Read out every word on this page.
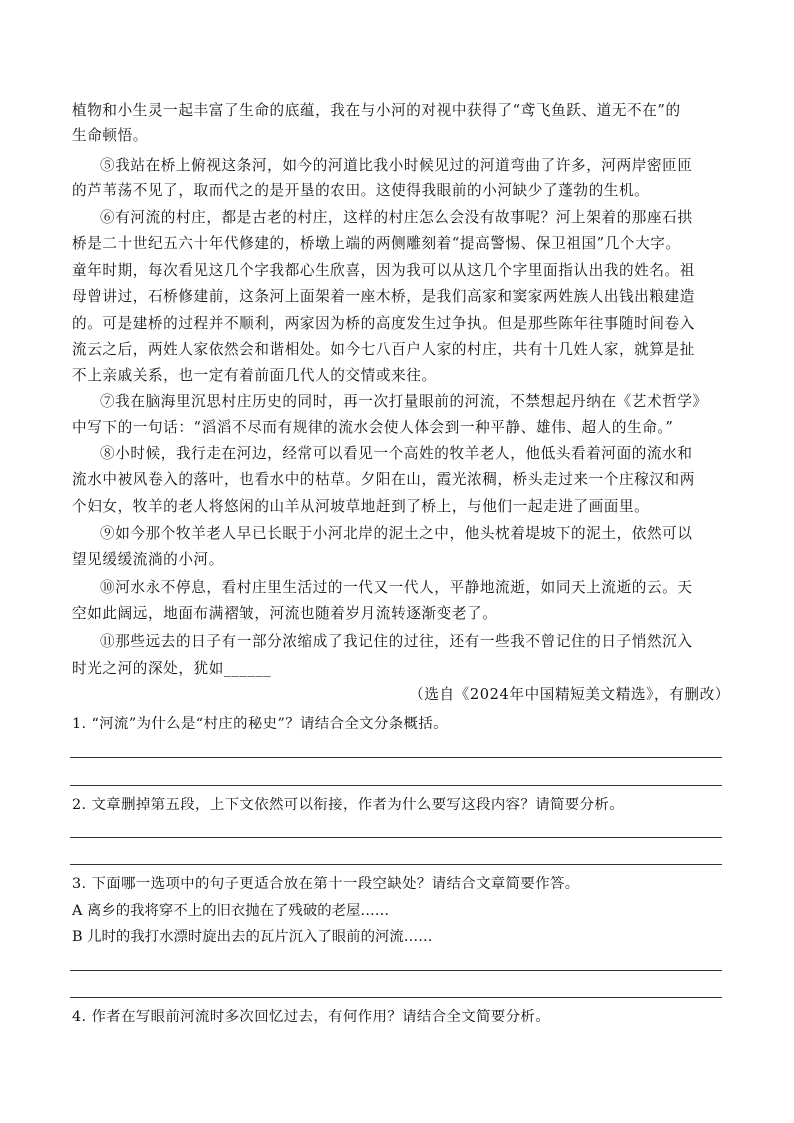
植物和小生灵一起丰富了生命的底蕴，我在与小河的对视中获得了“鸢飞鱼跃、道无不在”的
生命顿悟。
⑤我站在桥上俯视这条河，如今的河道比我小时候见过的河道弯曲了许多，河两岸密匝匝
的芦苇荡不见了，取而代之的是开垦的农田。这使得我眼前的小河缺少了蓬勃的生机。
⑥有河流的村庄，都是古老的村庄，这样的村庄怎么会没有故事呢？河上架着的那座石拱
桥是二十世纪五六十年代修建的，桥墩上端的两侧雕刻着“提高警惕、保卫祖国”几个大字。
童年时期，每次看见这几个字我都心生欣喜，因为我可以从这几个字里面指认出我的姓名。祖
母曾讲过，石桥修建前，这条河上面架着一座木桥，是我们高家和窦家两姓族人出钱出粮建造
的。可是建桥的过程并不顺利，两家因为桥的高度发生过争执。但是那些陈年往事随时间卷入
流云之后，两姓人家依然会和谐相处。如今七八百户人家的村庄，共有十几姓人家，就算是扯
不上亲戚关系，也一定有着前面几代人的交情或来往。
⑦我在脑海里沉思村庄历史的同时，再一次打量眼前的河流，不禁想起丹纳在《艺术哲学》
中写下的一句话：“滔滔不尽而有规律的流水会使人体会到一种平静、雄伟、超人的生命。”
⑧小时候，我行走在河边，经常可以看见一个高姓的牧羊老人，他低头看着河面的流水和
流水中被风卷入的落叶，也看水中的枯草。夕阳在山，霞光浓稠，桥头走过来一个庄稼汉和两
个妇女，牧羊的老人将悠闲的山羊从河坡草地赶到了桥上，与他们一起走进了画面里。
⑨如今那个牧羊老人早已长眠于小河北岸的泥土之中，他头枕着堤坡下的泥土，依然可以
望见缓缓流淌的小河。
⑩河水永不停息，看村庄里生活过的一代又一代人，平静地流逝，如同天上流逝的云。天
空如此阔远，地面布满褶皱，河流也随着岁月流转逐渐变老了。
⑪那些远去的日子有一部分浓缩成了我记住的过往，还有一些我不曾记住的日子悄然沉入
时光之河的深处，犹如______
（选自《2024年中国精短美文精选》，有删改）
1. “河流”为什么是“村庄的秘史”？请结合全文分条概括。
2. 文章删掉第五段，上下文依然可以衔接，作者为什么要写这段内容？请简要分析。
3. 下面哪一选项中的句子更适合放在第十一段空缺处？请结合文章简要作答。
A 离乡的我将穿不上的旧衣抛在了残破的老屋……
B 儿时的我打水漂时旋出去的瓦片沉入了眼前的河流……
4. 作者在写眼前河流时多次回忆过去，有何作用？请结合全文简要分析。
